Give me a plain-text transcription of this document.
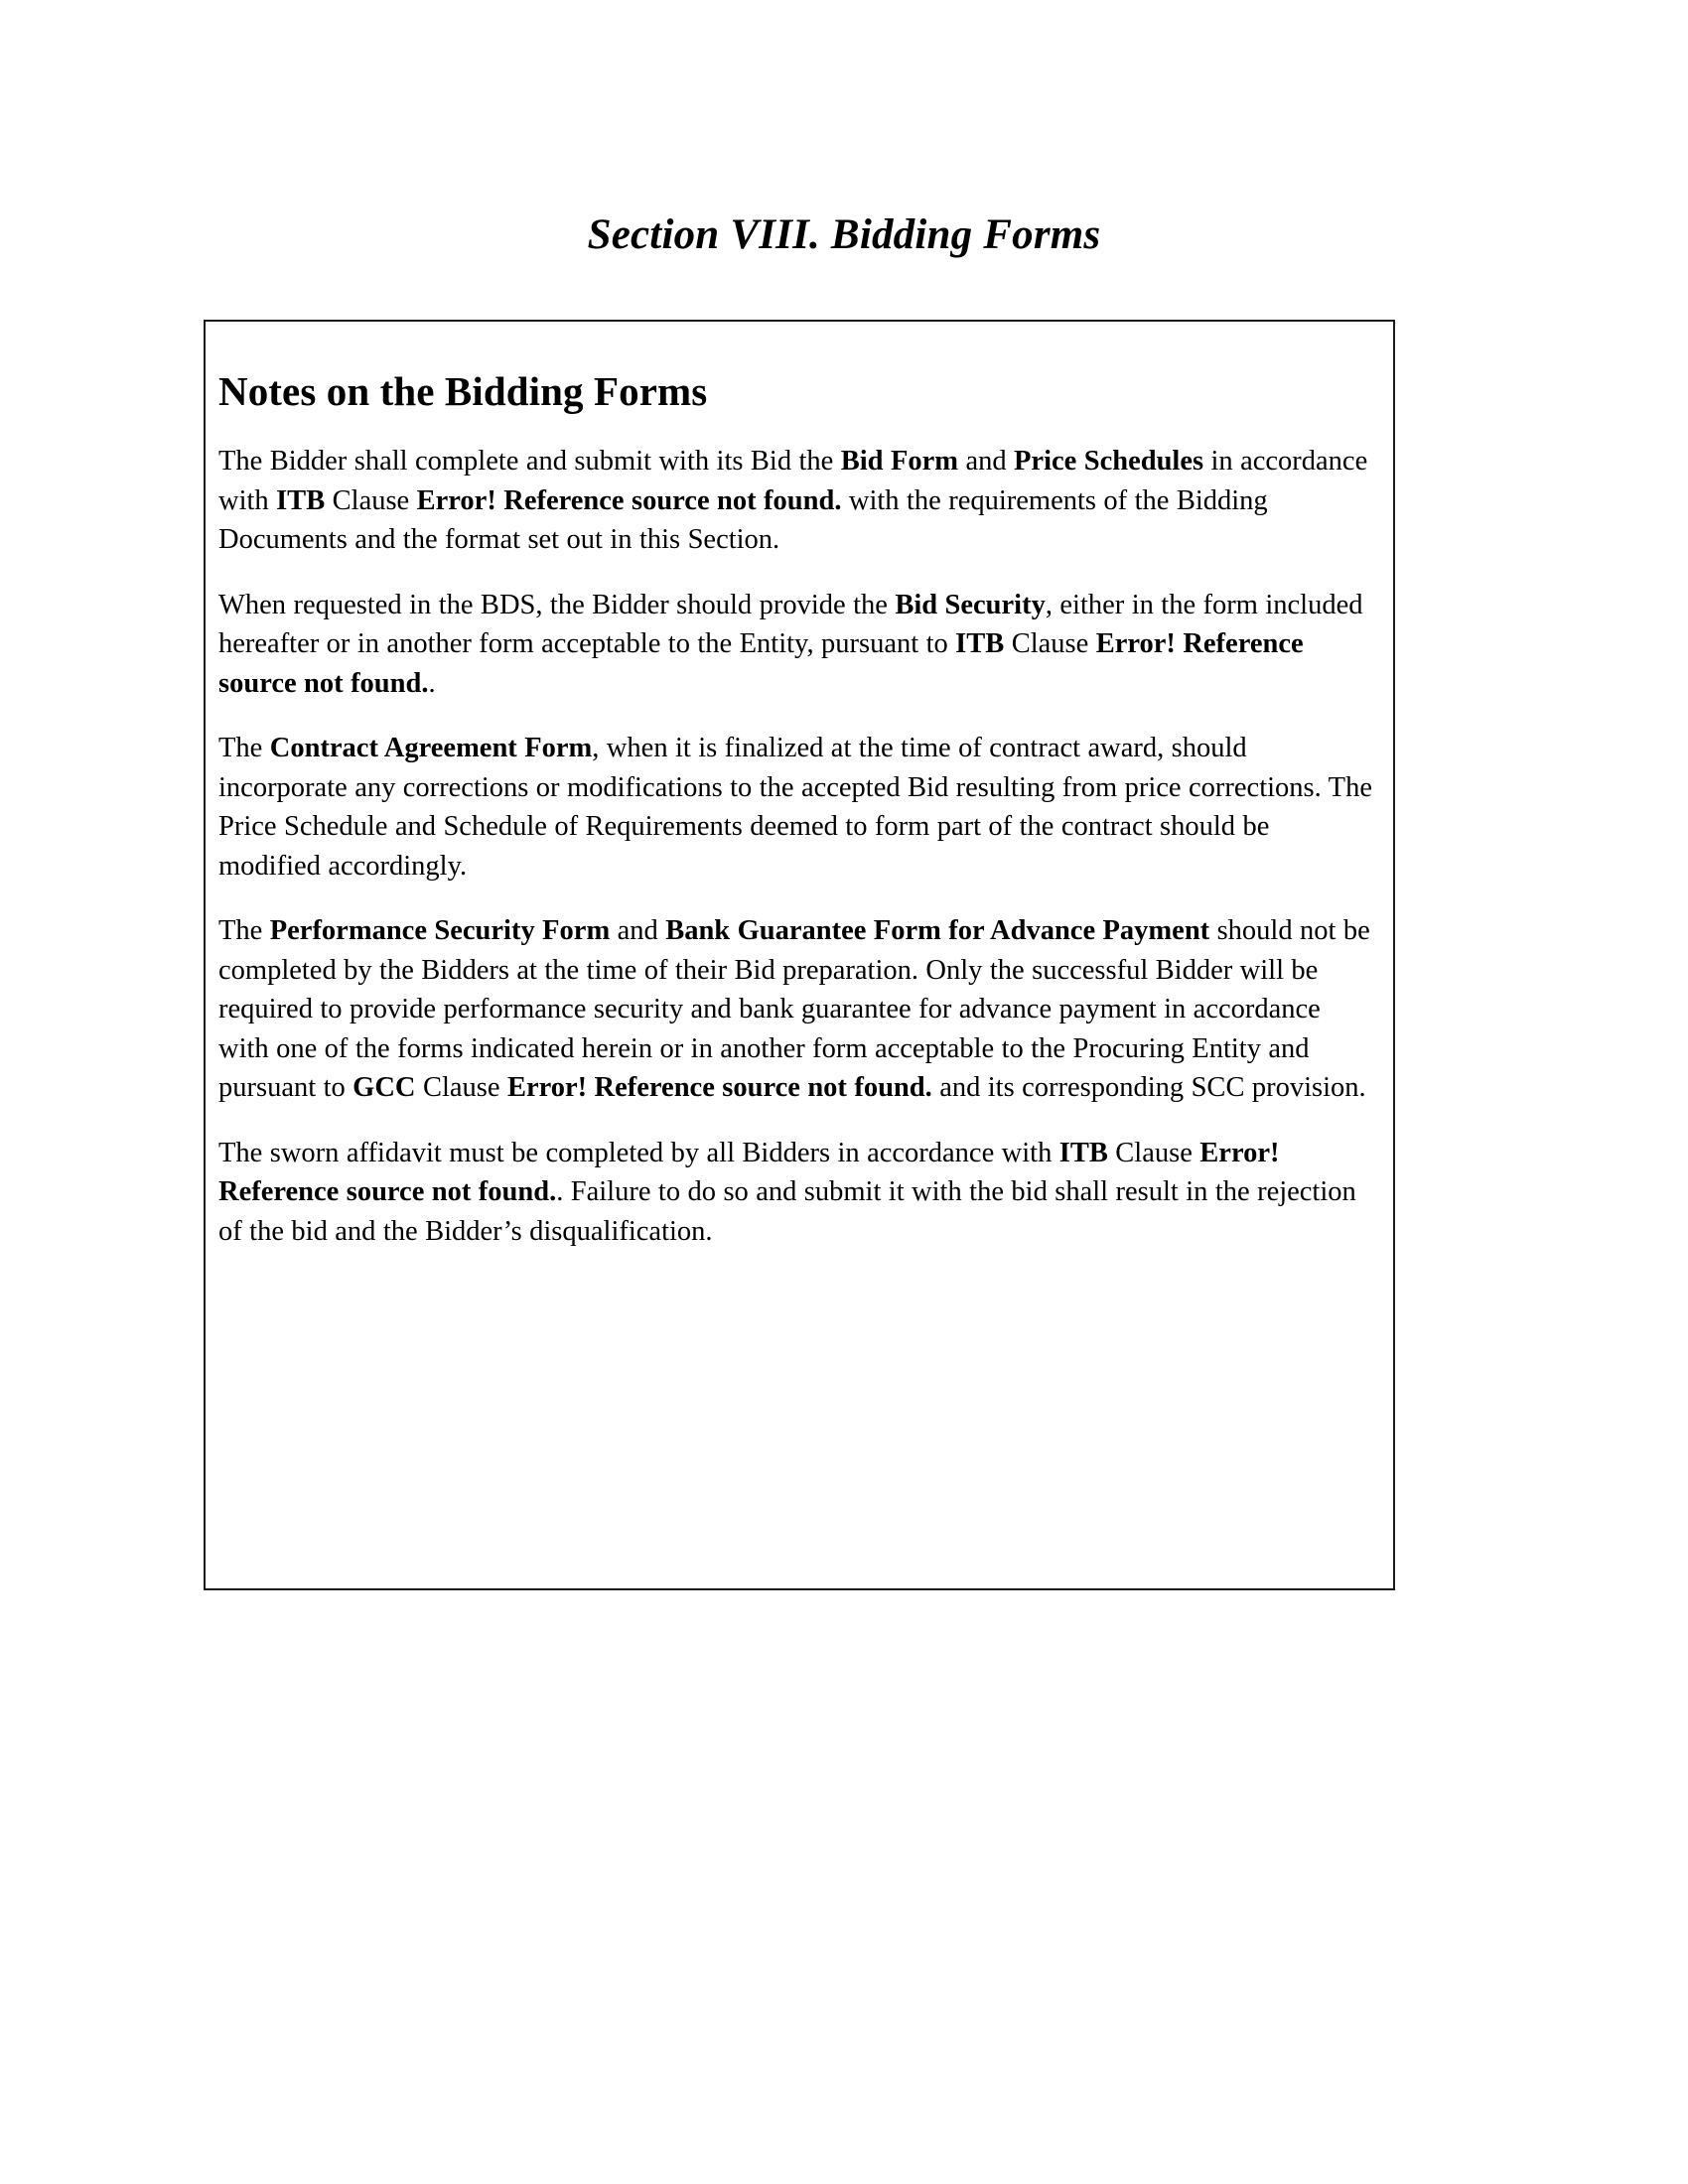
Section VIII. Bidding Forms
Notes on the Bidding Forms

The Bidder shall complete and submit with its Bid the Bid Form and Price Schedules in accordance with ITB Clause Error! Reference source not found. with the requirements of the Bidding Documents and the format set out in this Section.

When requested in the BDS, the Bidder should provide the Bid Security, either in the form included hereafter or in another form acceptable to the Entity, pursuant to ITB Clause Error! Reference source not found..

The Contract Agreement Form, when it is finalized at the time of contract award, should incorporate any corrections or modifications to the accepted Bid resulting from price corrections. The Price Schedule and Schedule of Requirements deemed to form part of the contract should be modified accordingly.

The Performance Security Form and Bank Guarantee Form for Advance Payment should not be completed by the Bidders at the time of their Bid preparation. Only the successful Bidder will be required to provide performance security and bank guarantee for advance payment in accordance with one of the forms indicated herein or in another form acceptable to the Procuring Entity and pursuant to GCC Clause Error! Reference source not found. and its corresponding SCC provision.

The sworn affidavit must be completed by all Bidders in accordance with ITB Clause Error! Reference source not found.. Failure to do so and submit it with the bid shall result in the rejection of the bid and the Bidder’s disqualification.
